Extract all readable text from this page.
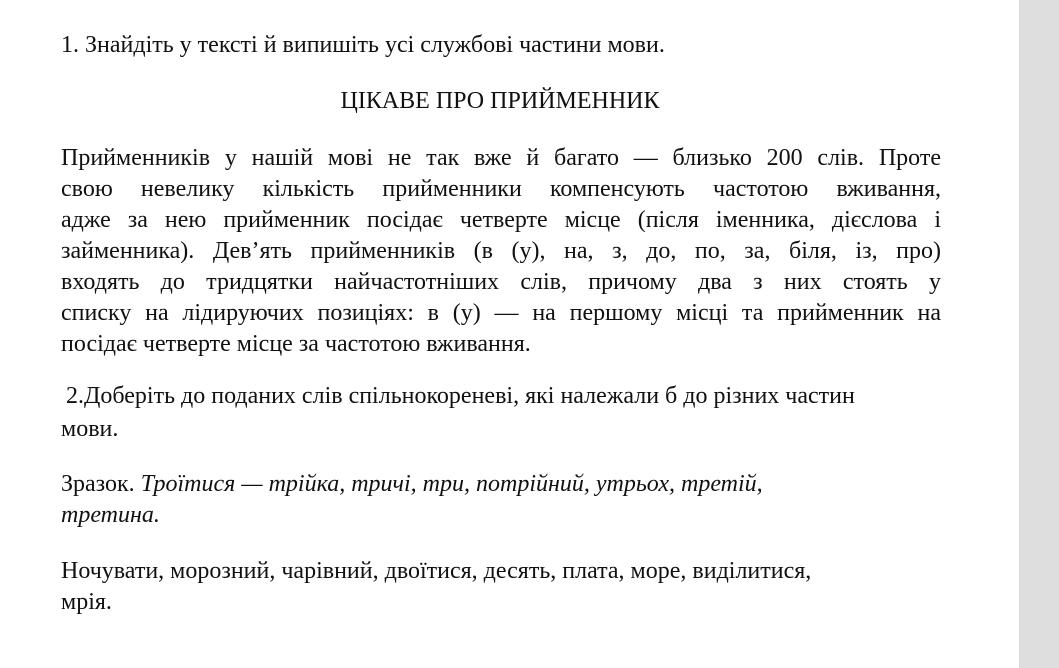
1. Знайдіть у тексті й випишіть усі службові частини мови.

ЦІКАВЕ ПРО ПРИЙМЕННИК

Прийменників у нашій мові не так вже й багато — близько 200 слів. Проте

свою невелику кількість прийменники компенсують частотою вживання,

адже за нею прийменник посідає четверте місце (після іменника, дієслова і

займенника). Дев’ять прийменників (в (у), на, з, до, по, за, біля, із, про)

входять до тридцятки найчастотніших слів, причому два з них стоять у

списку на лідируючих позиціях: в (у) — на першому місці та прийменник на

посідає четверте місце за частотою вживання.

2.Доберіть до поданих слів спільнокореневі, які належали б до різних частин

мови.

Зразок. Троїтися — трійка, тричі, три, потрійний, утрьох, третій,

третина.

Ночувати, морозний, чарівний, двоїтися, десять, плата, море, виділитися,

мрія.
